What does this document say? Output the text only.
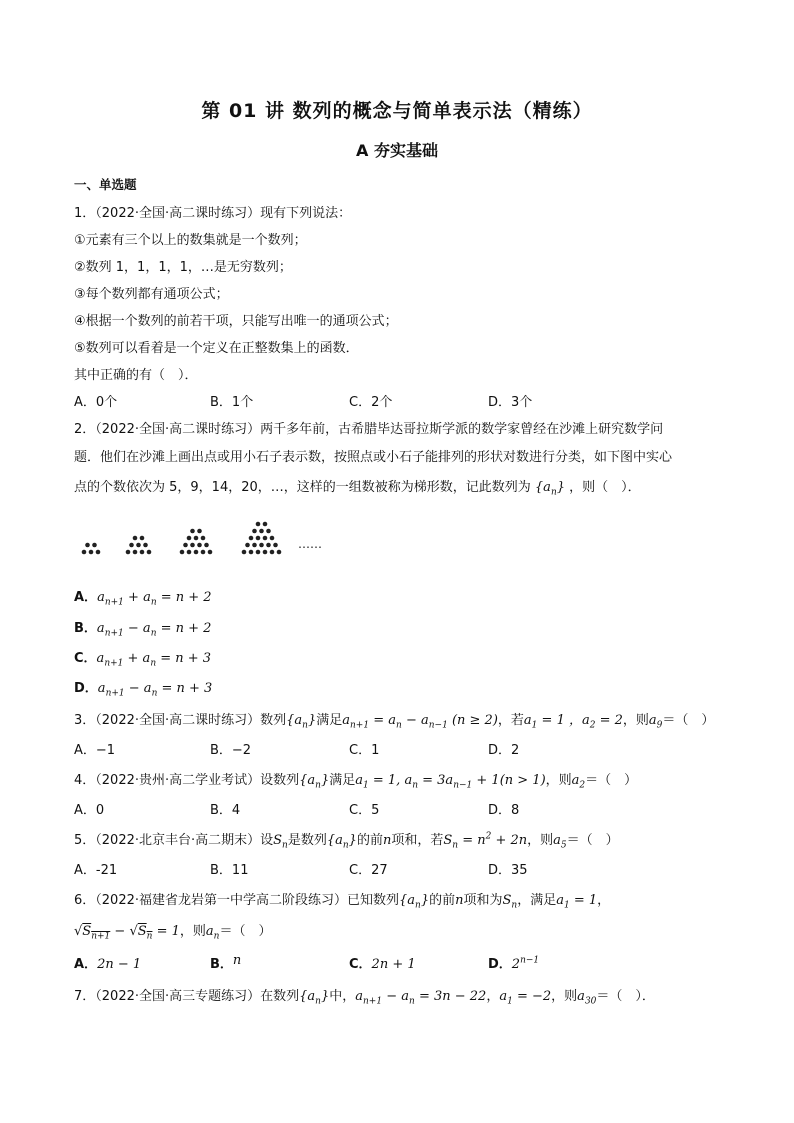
第 01 讲 数列的概念与简单表示法（精练）
A 夯实基础
一、单选题
1．（2022·全国·高二课时练习）现有下列说法：
①元素有三个以上的数集就是一个数列；
②数列 1，1，1，1，…是无穷数列；
③每个数列都有通项公式；
④根据一个数列的前若干项，只能写出唯一的通项公式；
⑤数列可以看着是一个定义在正整数集上的函数．
其中正确的有（　）．
A．0个	B．1个	C．2个	D．3个
2．（2022·全国·高二课时练习）两千多年前，古希腊毕达哥拉斯学派的数学家曾经在沙滩上研究数学问
题．他们在沙滩上画出点或用小石子表示数，按照点或小石子能排列的形状对数进行分类，如下图中实心
点的个数依次为 5，9，14，20，…，这样的一组数被称为梯形数，记此数列为 $\{a_n\}$ ，则（　）．
……
A．$a_{n+1} + a_n = n + 2$
B．$a_{n+1} - a_n = n + 2$
C．$a_{n+1} + a_n = n + 3$
D．$a_{n+1} - a_n = n + 3$
3．（2022·全国·高二课时练习）数列$\{a_n\}$满足$a_{n+1} = a_n - a_{n-1}$ (n ≥ 2)，若$a_1 = 1$ ，$a_2 = 2$，则$a_9=$（　）
A．−1	B．−2	C．1	D．2
4．（2022·贵州·高二学业考试）设数列$\{a_n\}$满足$a_1 = 1$, $a_n = 3a_{n-1} + 1(n > 1)$，则$a_2=$（　）
A．0	B．4	C．5	D．8
5．（2022·北京丰台·高二期末）设$S_n$是数列$\{a_n\}$的前n项和，若$S_n = n^2 + 2n$，则$a_5=$（　）
A．-21	B．11	C．27	D．35
6．（2022·福建省龙岩第一中学高二阶段练习）已知数列$\{a_n\}$的前n项和为$S_n$，满足$a_1 = 1$，
$√S_{n+1} - √S_n = 1$，则$a_n=$（　）
A．2n − 1	B．n	C．2n + 1	D．$2^{n-1}$
7．（2022·全国·高三专题练习）在数列$\{a_n\}$中，$a_{n+1} - a_n = 3n - 22$，$a_1 = -2$，则$a_{30}=$（　）．
